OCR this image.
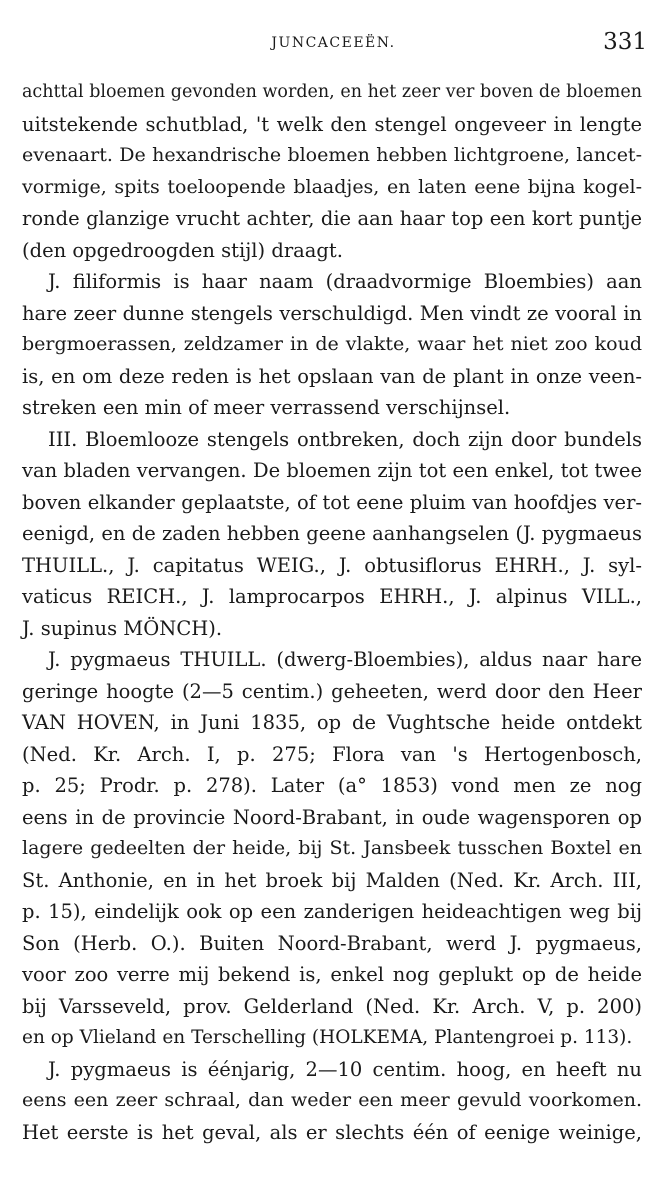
JUNCACEEËN.	331
achttal bloemen gevonden worden, en het zeer ver boven de bloemen
uitstekende schutblad, 't welk den stengel ongeveer in lengte
evenaart. De hexandrische bloemen hebben lichtgroene, lancet-
vormige, spits toeloopende blaadjes, en laten eene bijna kogel-
ronde glanzige vrucht achter, die aan haar top een kort puntje
(den opgedroogden stijl) draagt.
J. filiformis is haar naam (draadvormige Bloembies) aan
hare zeer dunne stengels verschuldigd. Men vindt ze vooral in
bergmoerassen, zeldzamer in de vlakte, waar het niet zoo koud
is, en om deze reden is het opslaan van de plant in onze veen-
streken een min of meer verrassend verschijnsel.
III. Bloemlooze stengels ontbreken, doch zijn door bundels
van bladen vervangen. De bloemen zijn tot een enkel, tot twee
boven elkander geplaatste, of tot eene pluim van hoofdjes ver-
eenigd, en de zaden hebben geene aanhangselen (J. pygmaeus
THUILL., J. capitatus WEIG., J. obtusiflorus EHRH., J. syl-
vaticus REICH., J. lamprocarpos EHRH., J. alpinus VILL.,
J. supinus MÖNCH).
J. pygmaeus THUILL. (dwerg-Bloembies), aldus naar hare
geringe hoogte (2—5 centim.) geheeten, werd door den Heer
VAN HOVEN, in Juni 1835, op de Vughtsche heide ontdekt
(Ned. Kr. Arch. I, p. 275; Flora van 's Hertogenbosch,
p. 25; Prodr. p. 278). Later (a° 1853) vond men ze nog
eens in de provincie Noord-Brabant, in oude wagensporen op
lagere gedeelten der heide, bij St. Jansbeek tusschen Boxtel en
St. Anthonie, en in het broek bij Malden (Ned. Kr. Arch. III,
p. 15), eindelijk ook op een zanderigen heideachtigen weg bij
Son (Herb. O.). Buiten Noord-Brabant, werd J. pygmaeus,
voor zoo verre mij bekend is, enkel nog geplukt op de heide
bij Varsseveld, prov. Gelderland (Ned. Kr. Arch. V, p. 200)
en op Vlieland en Terschelling (HOLKEMA, Plantengroei p. 113).
J. pygmaeus is éénjarig, 2—10 centim. hoog, en heeft nu
eens een zeer schraal, dan weder een meer gevuld voorkomen.
Het eerste is het geval, als er slechts één of eenige weinige,
